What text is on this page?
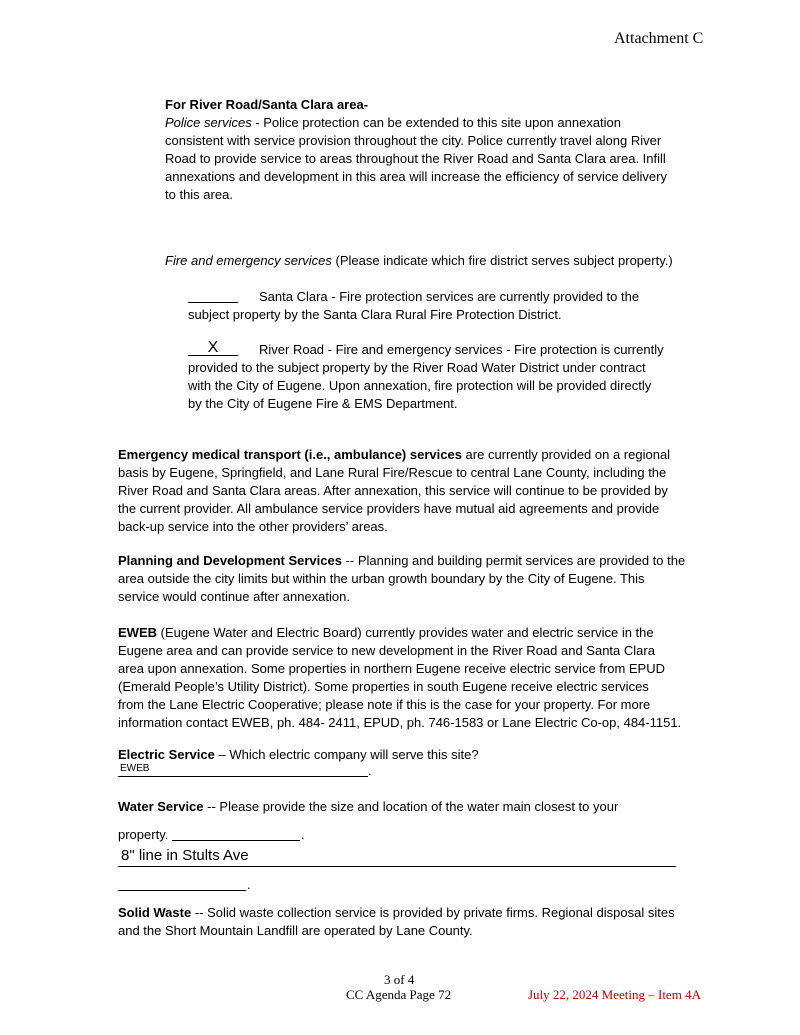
Attachment C
For River Road/Santa Clara area-
Police services - Police protection can be extended to this site upon annexation
consistent with service provision throughout the city. Police currently travel along River
Road to provide service to areas throughout the River Road and Santa Clara area. Infill
annexations and development in this area will increase the efficiency of service delivery
to this area.
Fire and emergency services (Please indicate which fire district serves subject property.)
Santa Clara - Fire protection services are currently provided to the
subject property by the Santa Clara Rural Fire Protection District.
X	River Road - Fire and emergency services - Fire protection is currently
provided to the subject property by the River Road Water District under contract
with the City of Eugene. Upon annexation, fire protection will be provided directly
by the City of Eugene Fire & EMS Department.
Emergency medical transport (i.e., ambulance) services are currently provided on a regional
basis by Eugene, Springfield, and Lane Rural Fire/Rescue to central Lane County, including the
River Road and Santa Clara areas. After annexation, this service will continue to be provided by
the current provider. All ambulance service providers have mutual aid agreements and provide
back-up service into the other providers’ areas.
Planning and Development Services -- Planning and building permit services are provided to the
area outside the city limits but within the urban growth boundary by the City of Eugene. This
service would continue after annexation.
EWEB (Eugene Water and Electric Board) currently provides water and electric service in the
Eugene area and can provide service to new development in the River Road and Santa Clara
area upon annexation. Some properties in northern Eugene receive electric service from EPUD
(Emerald People’s Utility District). Some properties in south Eugene receive electric services
from the Lane Electric Cooperative; please note if this is the case for your property. For more
information contact EWEB, ph. 484- 2411, EPUD, ph. 746-1583 or Lane Electric Co-op, 484-1151.
Electric Service – Which electric company will serve this site?
EWEB	.
Water Service -- Please provide the size and location of the water main closest to your
property.	.
8" line in Stults Ave
.
Solid Waste -- Solid waste collection service is provided by private firms. Regional disposal sites
and the Short Mountain Landfill are operated by Lane County.
3 of 4
CC Agenda Page 72	July 22, 2024 Meeting – Item 4A
